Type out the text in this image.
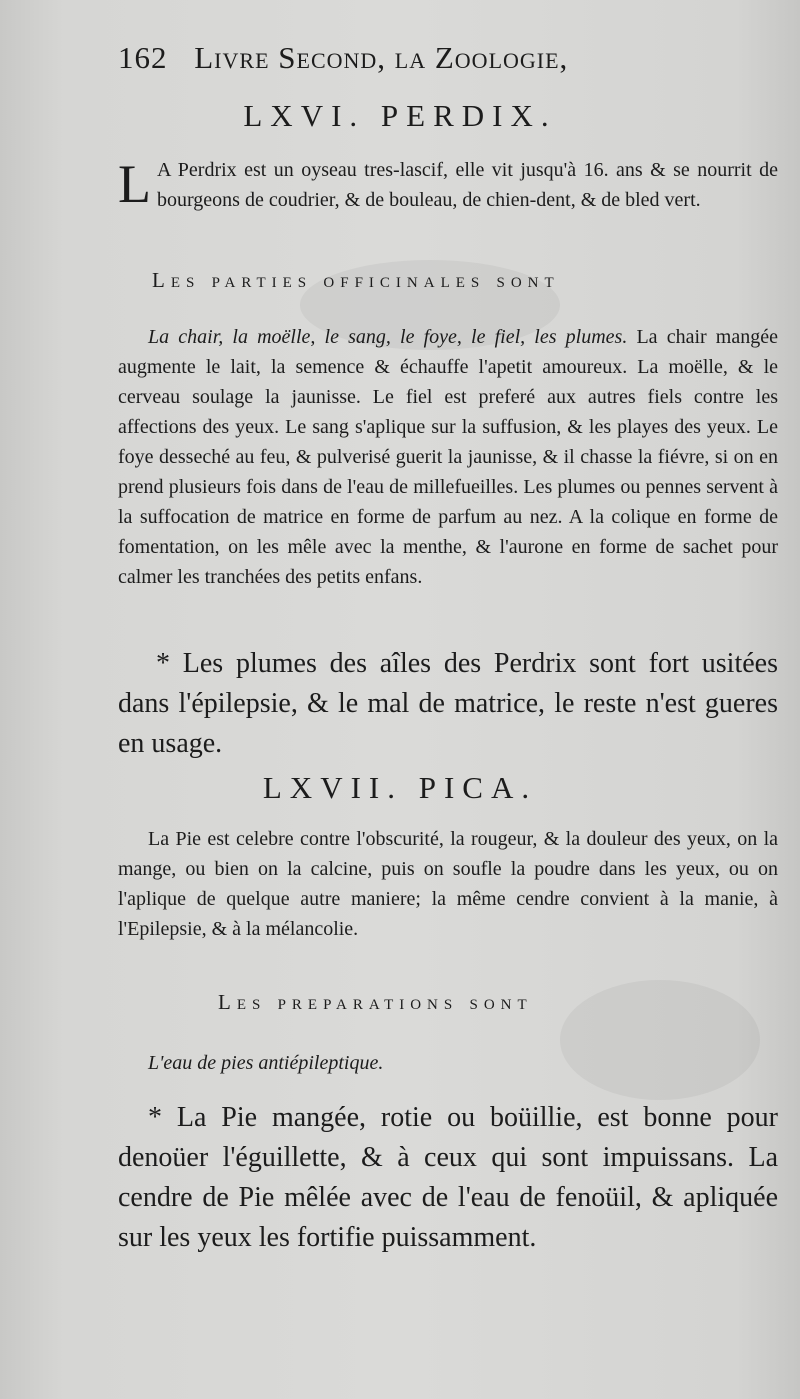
162 Livre Second, la Zoologie,
LXVI. PERDIX.
L A Perdrix est un oyseau tres-lascif, elle vit jusqu'à 16. ans & se nourrit de bourgeons de coudrier, & de bouleau, de chien-dent, & de bled vert.
Les parties officinales sont
La chair, la moëlle, le sang, le foye, le fiel, les plumes. La chair mangée augmente le lait, la semence & échauffe l'apetit amoureux. La moëlle, & le cerveau soulage la jaunisse. Le fiel est preferé aux autres fiels contre les affections des yeux. Le sang s'aplique sur la suffusion, & les playes des yeux. Le foye desseché au feu, & pulverisé guerit la jaunisse, & il chasse la fiévre, si on en prend plusieurs fois dans de l'eau de millefueilles. Les plumes ou pennes servent à la suffocation de matrice en forme de parfum au nez. A la colique en forme de fomentation, on les mêle avec la menthe, & l'aurone en forme de sachet pour calmer les tranchées des petits enfans.
* Les plumes des aîles des Perdrix sont fort usitées dans l'épilepsie, & le mal de matrice, le reste n'est gueres en usage.
LXVII. PICA.
La Pie est celebre contre l'obscurité, la rougeur, & la douleur des yeux, on la mange, ou bien on la calcine, puis on soufle la poudre dans les yeux, ou on l'aplique de quelque autre maniere; la même cendre convient à la manie, à l'Epilepsie, & à la mélancolie.
Les preparations sont
L'eau de pies antiépileptique.
* La Pie mangée, rotie ou boüillie, est bonne pour denoüer l'éguillette, & à ceux qui sont impuissans. La cendre de Pie mêlée avec de l'eau de fenoüil, & apliquée sur les yeux les fortifie puissamment.
